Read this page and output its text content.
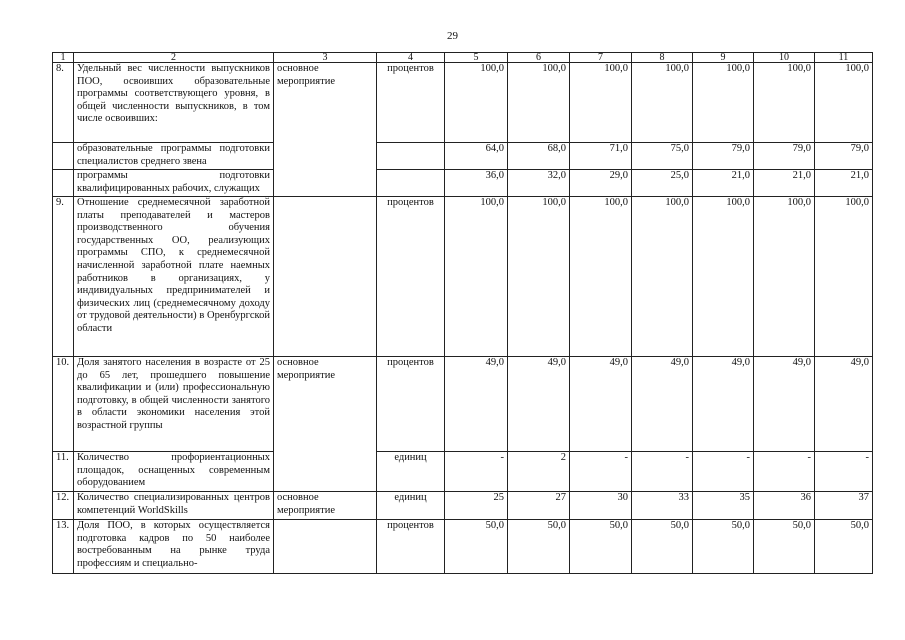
29
1	2	3	4	5	6	7	8	9	10	11
8.	Удельный вес численности выпускников ПОО, освоивших образовательные программы соответствующего уровня, в общей численности выпускников, в том числе освоивших:	основное мероприятие	процентов	100,0	100,0	100,0	100,0	100,0	100,0	100,0
	образовательные программы подготовки специалистов среднего звена			64,0	68,0	71,0	75,0	79,0	79,0	79,0
	программы подготовки квалифицированных рабочих, служащих			36,0	32,0	29,0	25,0	21,0	21,0	21,0
9.	Отношение среднемесячной заработной платы преподавателей и мастеров производственного обучения государственных ОО, реализующих программы СПО, к среднемесячной начисленной заработной плате наемных работников в организациях, у индивидуальных предпринимателей и физических лиц (среднемесячному доходу от трудовой деятельности) в Оренбургской области		процентов	100,0	100,0	100,0	100,0	100,0	100,0	100,0
10.	Доля занятого населения в возрасте от 25 до 65 лет, прошедшего повышение квалификации и (или) профессиональную подготовку, в общей численности занятого в области экономики населения этой возрастной группы	основное мероприятие	процентов	49,0	49,0	49,0	49,0	49,0	49,0	49,0
11.	Количество профориентационных площадок, оснащенных современным оборудованием		единиц	-	2	-	-	-	-	-
12.	Количество специализированных центров компетенций WorldSkills	основное мероприятие	единиц	25	27	30	33	35	36	37
13.	Доля ПОО, в которых осуществляется подготовка кадров по 50 наиболее востребованным на рынке труда профессиям и специально-		процентов	50,0	50,0	50,0	50,0	50,0	50,0	50,0
